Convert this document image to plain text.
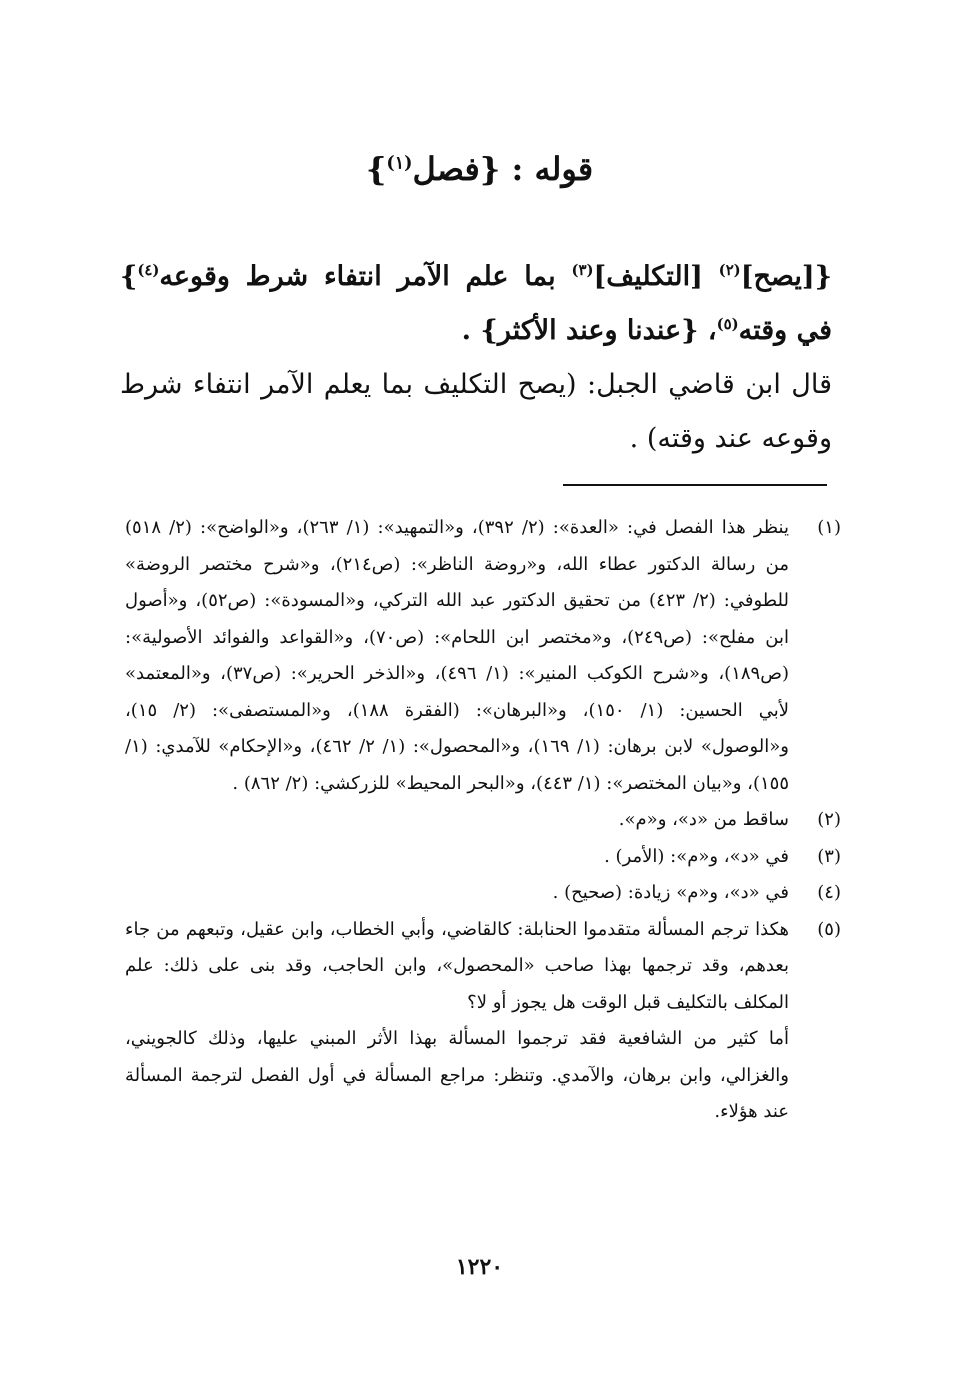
قوله : {فصل$^{(١)}$}

{[يصح]$^{(٢)}$ [التكليف]$^{(٣)}$ بما علم الآمر انتفاء شرط وقوعه$^{(٤)}$} في وقته$^{(٥)}$، {عندنا وعند الأكثر} .

قال ابن قاضي الجبل: (يصح التكليف بما يعلم الآمر انتفاء شرط وقوعه عند وقته) .

(١)

ينظر هذا الفصل في: «العدة»: (٢/ ٣٩٢)، و«التمهيد»: (١/ ٢٦٣)، و«الواضح»: (٢/ ٥١٨) من رسالة الدكتور عطاء الله، و«روضة الناظر»: (ص٢١٤)، و«شرح مختصر الروضة» للطوفي: (٢/ ٤٢٣) من تحقيق الدكتور عبد الله التركي، و«المسودة»: (ص٥٢)، و«أصول ابن مفلح»: (ص٢٤٩)، و«مختصر ابن اللحام»: (ص٧٠)، و«القواعد والفوائد الأصولية»: (ص١٨٩)، و«شرح الكوكب المنير»: (١/ ٤٩٦)، و«الذخر الحرير»: (ص٣٧)، و«المعتمد» لأبي الحسين: (١/ ١٥٠)، و«البرهان»: (الفقرة ١٨٨)، و«المستصفى»: (٢/ ١٥)، و«الوصول» لابن برهان: (١/ ١٦٩)، و«المحصول»: (١/ ٢/ ٤٦٢)، و«الإحكام» للآمدي: (١/ ١٥٥)، و«بيان المختصر»: (١/ ٤٤٣)، و«البحر المحيط» للزركشي: (٢/ ٨٦٢) .

(٢)

ساقط من «د»، و«م».

(٣)

في «د»، و«م»: (الأمر) .

(٤)

في «د»، و«م» زيادة: (صحيح) .

(٥)

هكذا ترجم المسألة متقدموا الحنابلة: كالقاضي، وأبي الخطاب، وابن عقيل، وتبعهم من جاء بعدهم، وقد ترجمها بهذا صاحب «المحصول»، وابن الحاجب، وقد بنى على ذلك: علم المكلف بالتكليف قبل الوقت هل يجوز أو لا؟

أما كثير من الشافعية فقد ترجموا المسألة بهذا الأثر المبني عليها، وذلك كالجويني، والغزالي، وابن برهان، والآمدي. وتنظر: مراجع المسألة في أول الفصل لترجمة المسألة عند هؤلاء.

١٢٢٠
